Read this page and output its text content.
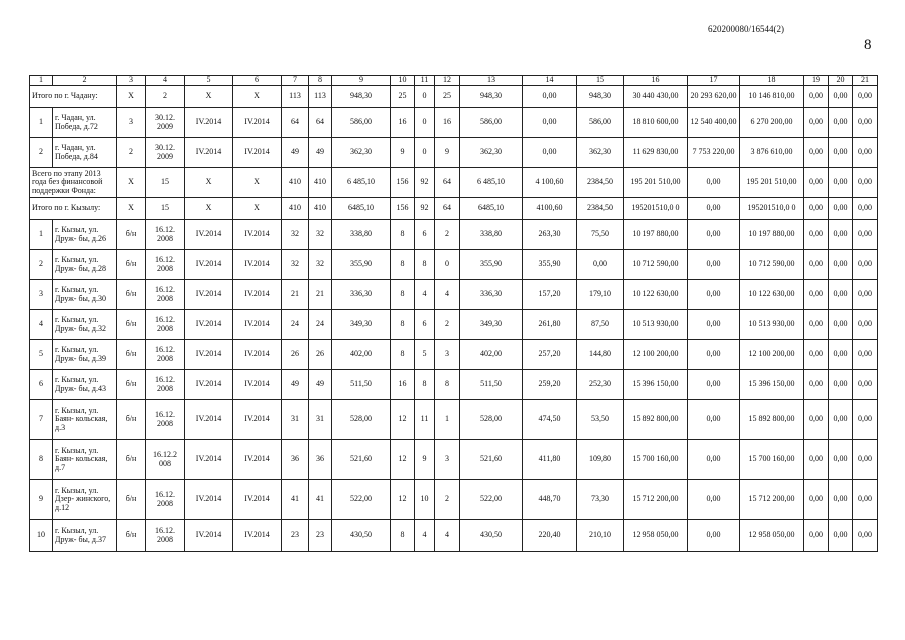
620200080/16544(2)
8
1	2	3	4	5	6	7	8	9	10	11	12	13	14	15	16	17	18	19	20	21
Итого по г. Чадану:		X	2	X	X	113	113	948,30	25	0	25	948,30	0,00	948,30	30 440 430,00	20 293 620,00	10 146 810,00	0,00	0,00	0,00
1	г. Чадан, ул. Победа, д.72	3	30.12. 2009	IV.2014	IV.2014	64	64	586,00	16	0	16	586,00	0,00	586,00	18 810 600,00	12 540 400,00	6 270 200,00	0,00	0,00	0,00
2	г. Чадан, ул. Победа, д.84	2	30.12. 2009	IV.2014	IV.2014	49	49	362,30	9	0	9	362,30	0,00	362,30	11 629 830,00	7 753 220,00	3 876 610,00	0,00	0,00	0,00
Всего по этапу 2013 года без финансовой поддержки Фонда:		X	15	X	X	410	410	6 485,10	156	92	64	6 485,10	4 100,60	2384,50	195 201 510,00	0,00	195 201 510,00	0,00	0,00	0,00
Итого по г. Кызылу:		X	15	X	X	410	410	6485,10	156	92	64	6485,10	4100,60	2384,50	195201510,0 0	0,00	195201510,0 0	0,00	0,00	0,00
1	г. Кызыл, ул. Друж- бы, д.26	б/н	16.12. 2008	IV.2014	IV.2014	32	32	338,80	8	6	2	338,80	263,30	75,50	10 197 880,00	0,00	10 197 880,00	0,00	0,00	0,00
2	г. Кызыл, ул. Друж- бы, д.28	б/н	16.12. 2008	IV.2014	IV.2014	32	32	355,90	8	8	0	355,90	355,90	0,00	10 712 590,00	0,00	10 712 590,00	0,00	0,00	0,00
3	г. Кызыл, ул. Друж- бы, д.30	б/н	16.12. 2008	IV.2014	IV.2014	21	21	336,30	8	4	4	336,30	157,20	179,10	10 122 630,00	0,00	10 122 630,00	0,00	0,00	0,00
4	г. Кызыл, ул. Друж- бы, д.32	б/н	16.12. 2008	IV.2014	IV.2014	24	24	349,30	8	6	2	349,30	261,80	87,50	10 513 930,00	0,00	10 513 930,00	0,00	0,00	0,00
5	г. Кызыл, ул. Друж- бы, д.39	б/н	16.12. 2008	IV.2014	IV.2014	26	26	402,00	8	5	3	402,00	257,20	144,80	12 100 200,00	0,00	12 100 200,00	0,00	0,00	0,00
6	г. Кызыл, ул. Друж- бы, д.43	б/н	16.12. 2008	IV.2014	IV.2014	49	49	511,50	16	8	8	511,50	259,20	252,30	15 396 150,00	0,00	15 396 150,00	0,00	0,00	0,00
7	г. Кызыл, ул. Баян- кольская, д.3	б/н	16.12. 2008	IV.2014	IV.2014	31	31	528,00	12	11	1	528,00	474,50	53,50	15 892 800,00	0,00	15 892 800,00	0,00	0,00	0,00
8	г. Кызыл, ул. Баян- кольская, д.7	б/н	16.12.2 008	IV.2014	IV.2014	36	36	521,60	12	9	3	521,60	411,80	109,80	15 700 160,00	0,00	15 700 160,00	0,00	0,00	0,00
9	г. Кызыл, ул. Дзер- жинского, д.12	б/н	16.12. 2008	IV.2014	IV.2014	41	41	522,00	12	10	2	522,00	448,70	73,30	15 712 200,00	0,00	15 712 200,00	0,00	0,00	0,00
10	г. Кызыл, ул. Друж- бы, д.37	б/н	16.12. 2008	IV.2014	IV.2014	23	23	430,50	8	4	4	430,50	220,40	210,10	12 958 050,00	0,00	12 958 050,00	0,00	0,00	0,00
